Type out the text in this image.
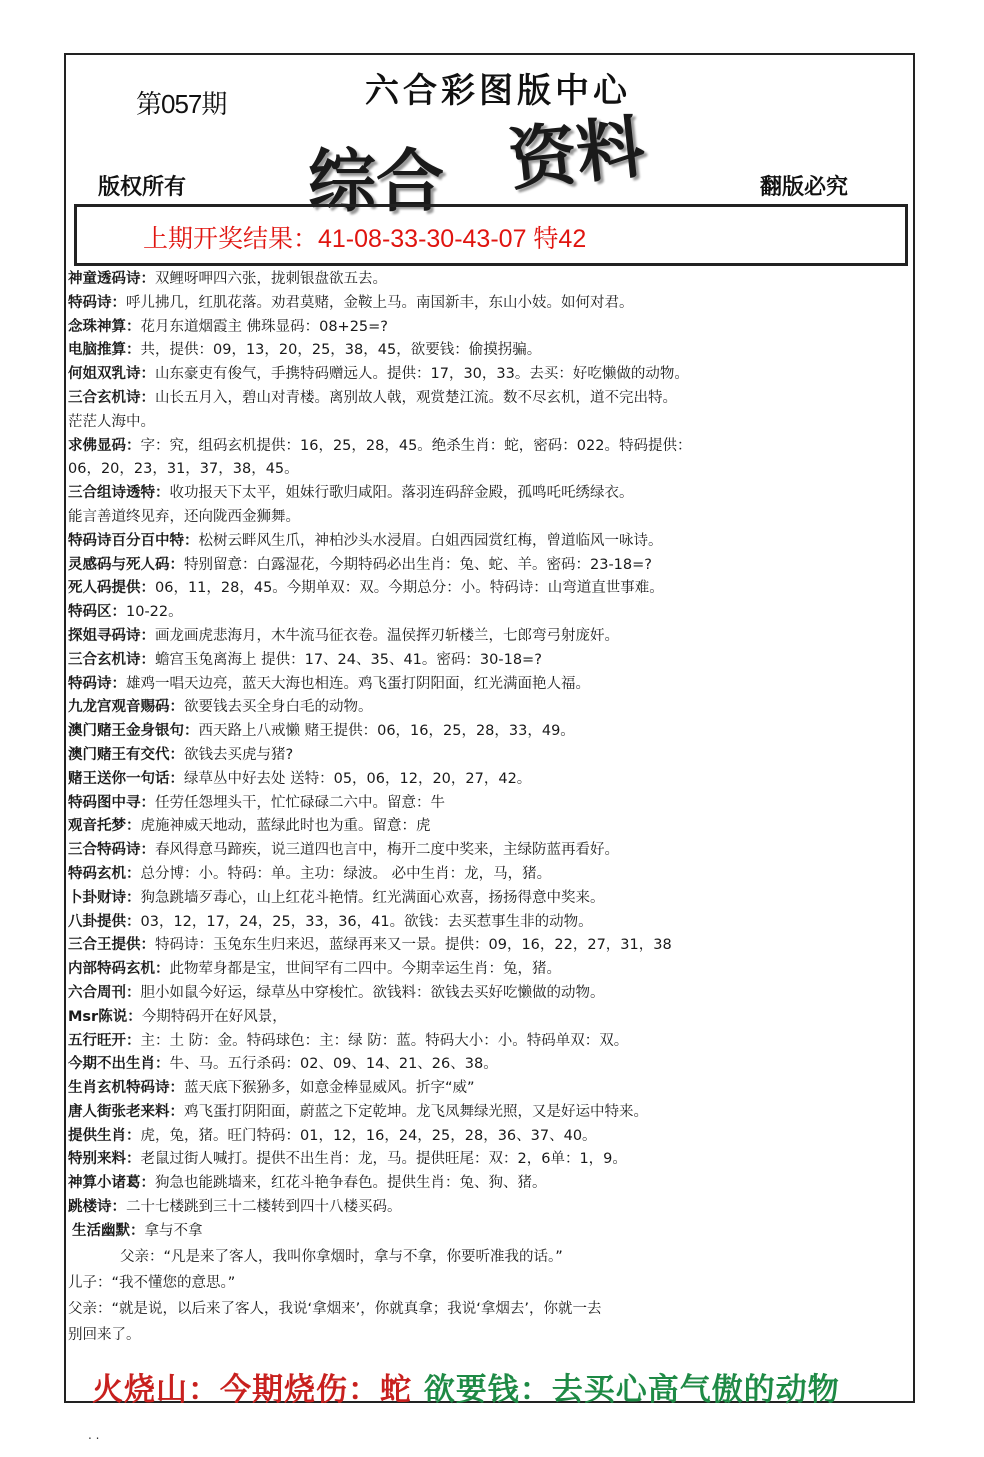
第057期	六合彩图版中心
综合 资料
版权所有	翻版必究
上期开奖结果：41-08-33-30-43-07 特42
神童透码诗：双鲤呀呷四六张，拢刺银盘欲五去。
特码诗：呼儿拂几，红肌花落。劝君莫赌，金鞍上马。南国新丰，东山小妓。如何对君。
念珠神算：花月东道烟霞主 佛珠显码：08+25=?
电脑推算：共，提供：09，13，20，25，38，45，欲要钱：偷摸拐骗。
何姐双乳诗：山东豪吏有俊气，手携特码赠远人。提供：17，30，33。去买：好吃懒做的动物。
三合玄机诗：山长五月入，碧山对青楼。离别故人戟，观赏楚江流。数不尽玄机，道不完出特。
茫茫人海中。
求佛显码：字：究，组码玄机提供：16，25，28，45。绝杀生肖：蛇，密码：022。特码提供：
06，20，23，31，37，38，45。
三合组诗透特：收功报天下太平，姐妹行歌归咸阳。落羽连码辞金殿，孤鸣吒吒绣绿衣。
能言善道终见弃，还向陇西金狮舞。
特码诗百分百中特：松树云畔风生爪，神柏沙头水浸眉。白姐西园赏红梅，曾道临风一咏诗。
灵感码与死人码：特别留意：白露湿花，今期特码必出生肖：兔、蛇、羊。密码：23-18=?
死人码提供：06，11，28，45。今期单双：双。今期总分：小。特码诗：山弯道直世事难。
特码区：10-22。
探姐寻码诗：画龙画虎悲海月，木牛流马征衣卷。温侯挥刃斩楼兰，七郎弯弓射庞奸。
三合玄机诗：蟾宫玉兔离海上 提供：17、24、35、41。密码：30-18=?
特码诗：雄鸡一唱天边亮，蓝天大海也相连。鸡飞蛋打阴阳面，红光满面艳人福。
九龙宫观音赐码：欲要钱去买全身白毛的动物。
澳门赌王金身银句：西天路上八戒懒 赌王提供：06，16，25，28，33，49。
澳门赌王有交代：欲钱去买虎与猪?
赌王送你一句话：绿草丛中好去处 送特：05，06，12，20，27，42。
特码图中寻：任劳任怨埋头干，忙忙碌碌二六中。留意：牛
观音托梦：虎施神威天地动，蓝绿此时也为重。留意：虎
三合特码诗：春风得意马蹄疾，说三道四也言中，梅开二度中奖来，主绿防蓝再看好。
特码玄机：总分博：小。特码：单。主功：绿波。 必中生肖：龙，马，猪。
卜卦财诗：狗急跳墙歹毒心，山上红花斗艳情。红光满面心欢喜，扬扬得意中奖来。
八卦提供：03，12，17，24，25，33，36，41。欲钱：去买惹事生非的动物。
三合王提供：特码诗：玉兔东生归来迟，蓝绿再来又一景。提供：09，16，22，27，31，38
内部特码玄机：此物荤身都是宝，世间罕有二四中。今期幸运生肖：兔，猪。
六合周刊：胆小如鼠今好运，绿草丛中穿梭忙。欲钱料：欲钱去买好吃懒做的动物。
Msr陈说：今期特码开在好风景，
五行旺开：主：土 防：金。特码球色：主：绿 防：蓝。特码大小：小。特码单双：双。
今期不出生肖：牛、马。五行杀码：02、09、14、21、26、38。
生肖玄机特码诗：蓝天底下猴狲多，如意金棒显威风。折字“威”
唐人街张老来料：鸡飞蛋打阴阳面，蔚蓝之下定乾坤。龙飞凤舞绿光照，又是好运中特来。
提供生肖：虎，兔，猪。旺门特码：01，12，16，24，25，28，36、37、40。
特别来料：老鼠过街人喊打。提供不出生肖：龙，马。提供旺尾：双：2，6单：1，9。
神算小诸葛：狗急也能跳墙来，红花斗艳争春色。提供生肖：兔、狗、猪。
跳楼诗：二十七楼跳到三十二楼转到四十八楼买码。
生活幽默：拿与不拿
父亲：“凡是来了客人，我叫你拿烟时，拿与不拿，你要听准我的话。”
儿子：“我不懂您的意思。”
父亲：“就是说，以后来了客人，我说‘拿烟来’，你就真拿；我说‘拿烟去’，你就一去
别回来了。
火烧山：今期烧伤：蛇 欲要钱：去买心高气傲的动物
. .
